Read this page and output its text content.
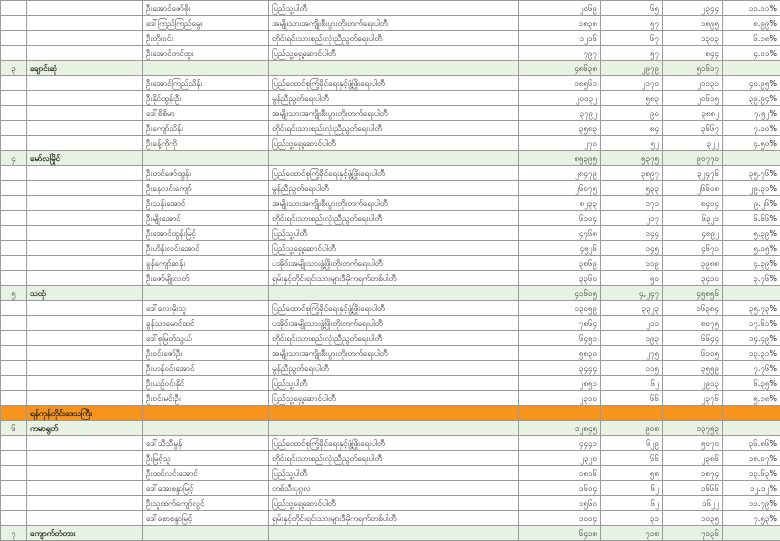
		ဦးအောင်ဇော်စိုး	ပြည်သူ့ပါတီ	၂၀၆၉	၆၅	၂၃၄၄	၁၁.၁၁%
		ဒေါ်ကြည်ကြည်မွေး	အမျိုးသားအကျိုးစီးပွားတိုးတက်ရေးပါတီ	၁၈၃၈	၅၇	၁၈၉၅	၈.၉၉%
		ဦးတိုးဝင်း	တိုင်းရင်းသားစည်းလုံးညီညွတ်ရေးပါတီ	၁၂၁၆	၆၇	၁၃၀၃	၆.၁၈%
		ဦးအောင်တင်ထူး	ပြည်သူ့ရှေ့ဆောင်ပါတီ	၇၉၇	၅၇	၈၄၄	၄.၀၁%
၃	ချောင်းဆုံ			၄၈၆၃၈	၂၉၇၉	၅၁၆၁၇	
		ဦးအောင်ကြည်သိန်း	ပြည်ထောင်စုကြံ့ခိုင်ရေးနှင့်ဖွံ့ဖြိုးရေးပါတီ	၁၈၅၆၁	၂၁၇၀	၂၁၁၃၁	၄၀.၉၅%
		ဦးနိုင်ထွန်းဦး	မွန်ညီညွတ်ရေးပါတီ	၂၀၀၃၂	၅၈၃	၂၀၆၁၅	၃၉.၉၄%
		ဒေါ်စိစိမာ	အမျိုးသားအကျိုးစီးပွားတိုးတက်ရေးပါတီ	၃၇၉၂	၉၀	၃၈၈၂	၇.၅၂%
		ဦးကျော်သိန်း	တိုင်းရင်းသားစည်းလုံးညီညွတ်ရေးပါတီ	၃၅၈၃	၈၄	၃၆၆၇	၇.၁၀%
		ဦးခန့်ကိုကို	ပြည်သူ့ရှေ့ဆောင်ပါတီ	၂၇၀	၅၂	၃၂၂	၄.၅၀%
၄	မော်လမြိုင်			၈၅၃၉၅	၅၃၇၅	၉၀၇၇၀	
		ဦးတင်ဇော်ထွန်း	ပြည်ထောင်စုကြံ့ခိုင်ရေးနှင့်ဖွံ့ဖြိုးရေးပါတီ	၂၈၄၇၉	၃၈၉၇	၃၂၄၇၆	၃၅.၇၆%
		ဦးနေလင်းကျော်	မွန်ညီညွတ်ရေးပါတီ	၂၆၀၇၅	၅၃၃	၂၆၆၀၈	၂၉.၃၁%
		ဦးသန်းအောင်	အမျိုးသားအကျိုးစီးပွားတိုးတက်ရေးပါတီ	၈၂၃၃	၁၇၁	၈၄၀၄	၉.၂၆%
		ဦးမျိုးအောင်	တိုင်းရင်းသားစည်းလုံးညီညွတ်ရေးပါတီ	၆၁၀၄	၂၁၇	၆၃၂၁	၆.၆၆%
		ဦးအောင်ထွန်းမြင့်	ပြည်သူ့ပါတီ	၄၇၆၈	၁၄၄	၄၈၉၂	၅.၃၉%
		ဦးဟိန်းလင်းအောင်	ပြည်သူ့ရှေ့ဆောင်ပါတီ	၄၅၂၆	၁၄၅	၄၆၇၁	၅.၁၅%
		ခွန်ကျော်ဆန်း	ပအိုဝ်းအမျိုးသားဖွံ့ဖြိုးတိုးတက်ရေးပါတီ	၃၈၆၉	၁၁၉	၃၉၈၈	၄.၃၉%
		ဦးဇော်မျိုးလတ်	ရှမ်းနှင့်တိုင်းရင်းသားများဒီမိုကရက်တစ်ပါတီ	၃၃၆၀	၅၀	၃၄၁၀	၃.၇၆%
၅	သထုံ			၄၁၆၀၅	၄,၂၄၇	၄၅၈၅၆	
		ဒေါ်လေးမိုးသူ	ပြည်ထောင်စုကြံ့ခိုင်ရေးနှင့်ဖွံ့ဖြိုးရေးပါတီ	၁၃၀၅၉	၃၃၂၃	၁၆၃၈၄	၃၅.၇၃%
		ခွန်သာမောင်ထင်	ပအိုဝ်းအမျိုးသားဖွံ့ဖြိုးတိုးတက်ရေးပါတီ	၇၈၆၄	၂၁၁	၈၀၇၅	၁၇.၆၁%
		ဒေါ်စုမြတ်သွယ်	တိုင်းရင်းသားစည်းလုံးညီညွတ်ရေးပါတီ	၆၄၅၁	၁၉၃	၆၆၄၄	၁၄.၄၉%
		ဦးဝင်းဇော်ဦး	အမျိုးသားအကျိုးစီးပွားတိုးတက်ရေးပါတီ	၅၈၃၀	၂၇၅	၆၁၀၅	၁၃.၃၁%
		ဦးဟန်ဝင်းအောင်	မွန်ညီညွတ်ရေးပါတီ	၃၄၄၄	၁၁၅	၃၅၅၉	၇.၇၆%
		ဦးယဉ်ဝင်းနိုင်	ပြည်သူ့ပါတီ	၂၈၅၁	၆၂	၂၉၁၃	၆.၃၅%
		ဦးဝင်းမင်းဦး	ပြည်သူ့ရှေ့ဆောင်ပါတီ	၂၃၁၀	၆၆	၂၃၇၆	၅.၁၈%
	ရန်ကုန်တိုင်းဒေသကြီး						
၆	ကမာရွတ်			၁၂၈၄၅	၉၀၈	၁၃၇၅၃	
		ဒေါ်သီသီမွန်	ပြည်ထောင်စုကြံ့ခိုင်ရေးနှင့်ဖွံ့ဖြိုးရေးပါတီ	၄၄၄၁	၆၂၉	၅၀၇၀	၃၆.၈၆%
		ဦးမြင့်သူ	တိုင်းရင်းသားစည်းလုံးညီညွတ်ရေးပါတီ	၂၃၂၀	၆၆	၂၃၈၆	၁၈.၀၇%
		ဦးထင်လင်းအောင်	ပြည်သူ့ပါတီ	၁၈၁၆	၅၈	၁၈၇၄	၁၃.၆၃%
		ဒေါ်အေးစန္ဒာမြင့်	တစ်သီးပုဂ္ဂလ	၁၆၀၄	၆၂	၁၆၆၆	၁၂.၁၂%
		ဦးသူထက်ကျော်လွင်	ပြည်သူ့ရှေ့ဆောင်ပါတီ	၁၅၆၀	၆၂	၁၆၂၂	၁၁.၇၉%
		ဒေါ်စောစန္ဒာမြင့်	ရှမ်းနှင့်တိုင်းရင်းသားများဒီမိုကရက်တစ်ပါတီ	၁၀၀၄	၃၁	၁၀၃၅	၇.၅၃%
၇	ကျောက်တံတား			၆၄၁၈	၇၁၈	၇၁၃၆	
